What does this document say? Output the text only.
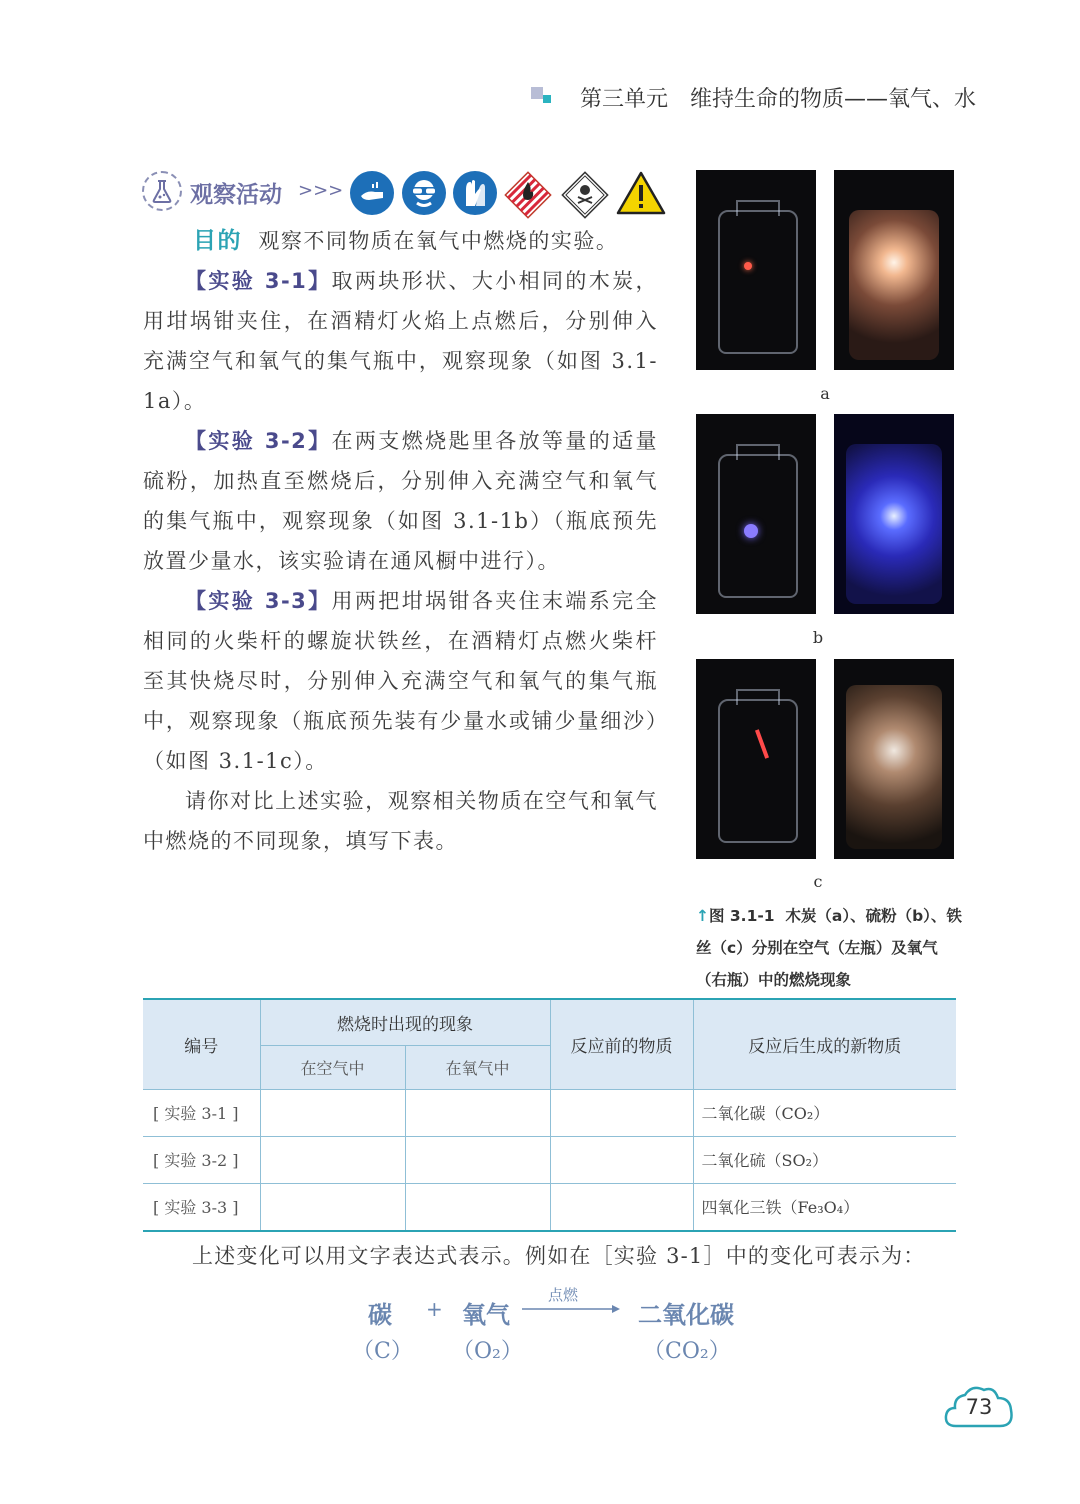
第三单元　维持生命的物质——氧气、水
观察活动 >>>
目的 观察不同物质在氧气中燃烧的实验。
【实验 3-1】取两块形状、大小相同的木炭，用坩埚钳夹住，在酒精灯火焰上点燃后，分别伸入充满空气和氧气的集气瓶中，观察现象（如图 3.1-1a）。
【实验 3-2】在两支燃烧匙里各放等量的适量硫粉，加热直至燃烧后，分别伸入充满空气和氧气的集气瓶中，观察现象（如图 3.1-1b）（瓶底预先放置少量水，该实验请在通风橱中进行）。
【实验 3-3】用两把坩埚钳各夹住末端系完全相同的火柴杆的螺旋状铁丝，在酒精灯点燃火柴杆至其快烧尽时，分别伸入充满空气和氧气的集气瓶中，观察现象（瓶底预先装有少量水或铺少量细沙）（如图 3.1-1c）。
请你对比上述实验，观察相关物质在空气和氧气中燃烧的不同现象，填写下表。
a
b
c
↑图 3.1-1 木炭（a）、硫粉（b）、铁丝（c）分别在空气（左瓶）及氧气（右瓶）中的燃烧现象
编号	燃烧时出现的现象		反应前的物质	反应后生成的新物质
	在空气中	在氧气中		
[ 实验 3-1 ]				二氧化碳（CO₂）
[ 实验 3-2 ]				二氧化硫（SO₂）
[ 实验 3-3 ]				四氧化三铁（Fe₃O₄）
上述变化可以用文字表达式表示。例如在［实验 3-1］中的变化可表示为：
碳 + 氧气
点燃
二氧化碳
（C） （O₂）	（CO₂）
73
